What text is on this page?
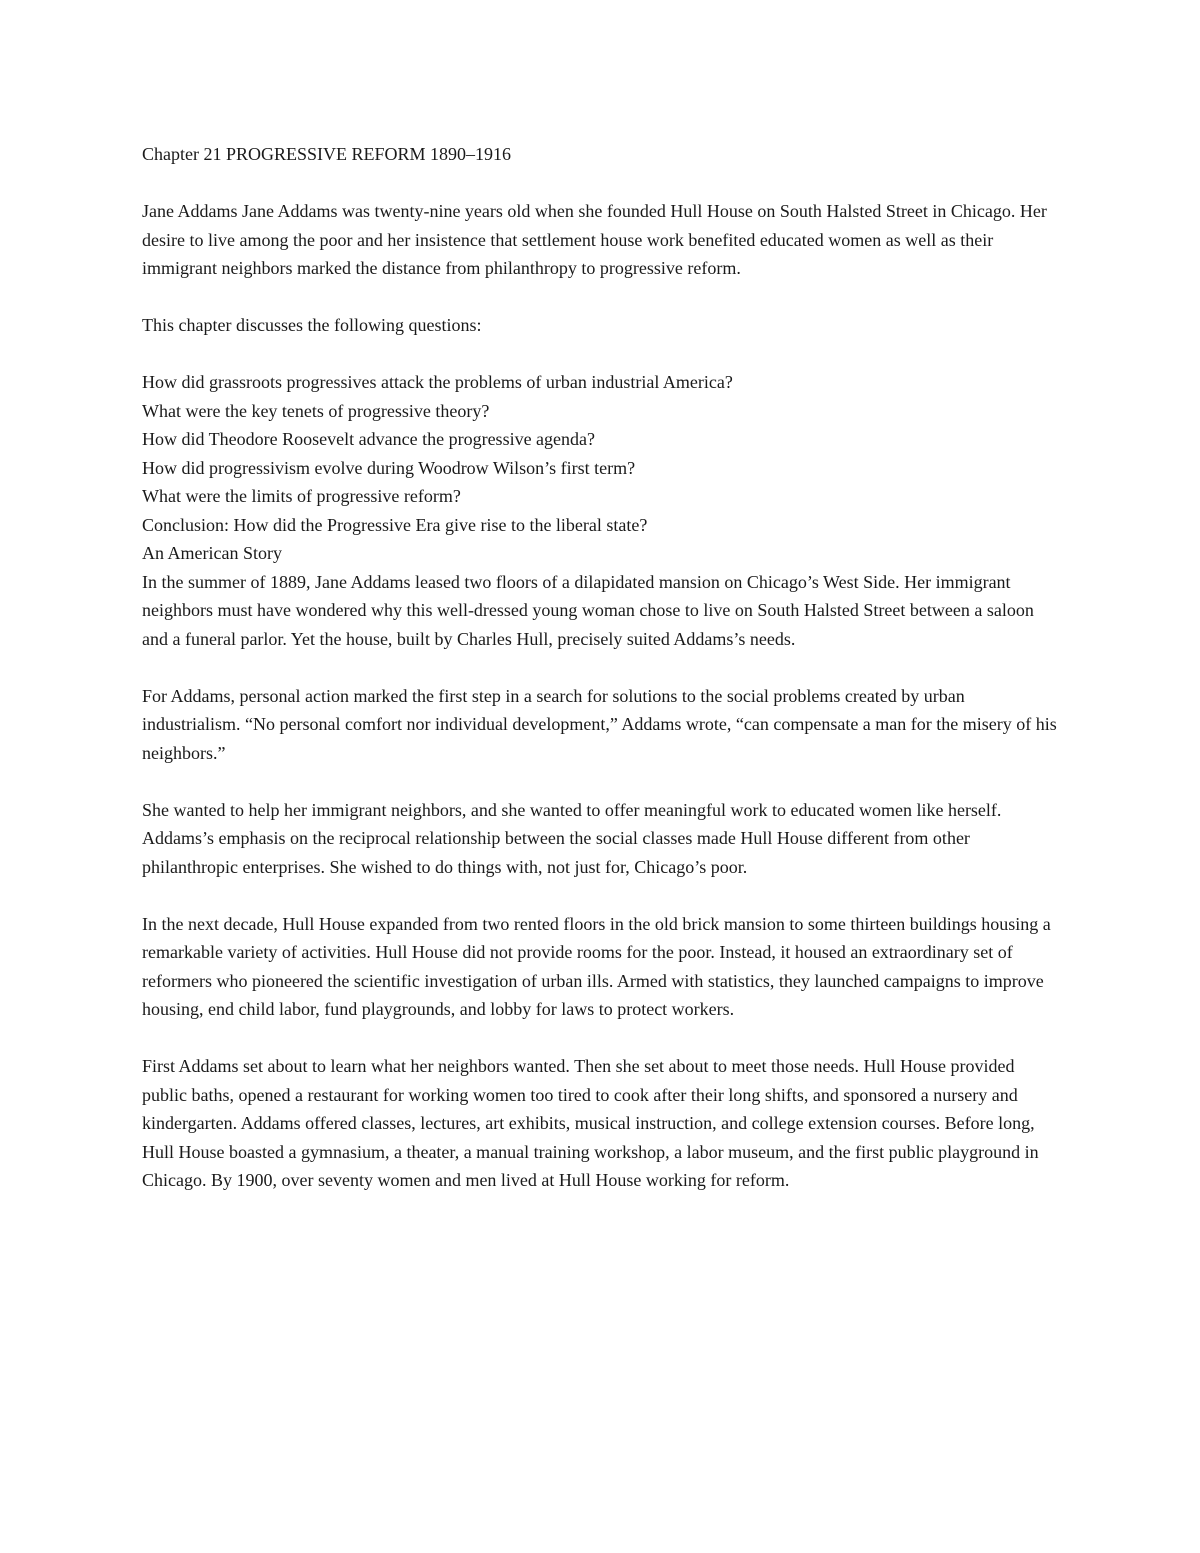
Chapter 21 PROGRESSIVE REFORM 1890–1916

Jane Addams Jane Addams was twenty-nine years old when she founded Hull House on South Halsted Street in Chicago. Her desire to live among the poor and her insistence that settlement house work benefited educated women as well as their immigrant neighbors marked the distance from philanthropy to progressive reform.

This chapter discusses the following questions:

How did grassroots progressives attack the problems of urban industrial America?
What were the key tenets of progressive theory?
How did Theodore Roosevelt advance the progressive agenda?
How did progressivism evolve during Woodrow Wilson’s first term?
What were the limits of progressive reform?
Conclusion: How did the Progressive Era give rise to the liberal state?
An American Story

In the summer of 1889, Jane Addams leased two floors of a dilapidated mansion on Chicago’s West Side. Her immigrant neighbors must have wondered why this well-dressed young woman chose to live on South Halsted Street between a saloon and a funeral parlor. Yet the house, built by Charles Hull, precisely suited Addams’s needs.

For Addams, personal action marked the first step in a search for solutions to the social problems created by urban industrialism. “No personal comfort nor individual development,” Addams wrote, “can compensate a man for the misery of his neighbors.”

She wanted to help her immigrant neighbors, and she wanted to offer meaningful work to educated women like herself. Addams’s emphasis on the reciprocal relationship between the social classes made Hull House different from other philanthropic enterprises. She wished to do things with, not just for, Chicago’s poor.

In the next decade, Hull House expanded from two rented floors in the old brick mansion to some thirteen buildings housing a remarkable variety of activities. Hull House did not provide rooms for the poor. Instead, it housed an extraordinary set of reformers who pioneered the scientific investigation of urban ills. Armed with statistics, they launched campaigns to improve housing, end child labor, fund playgrounds, and lobby for laws to protect workers.

First Addams set about to learn what her neighbors wanted. Then she set about to meet those needs. Hull House provided public baths, opened a restaurant for working women too tired to cook after their long shifts, and sponsored a nursery and kindergarten. Addams offered classes, lectures, art exhibits, musical instruction, and college extension courses. Before long, Hull House boasted a gymnasium, a theater, a manual training workshop, a labor museum, and the first public playground in Chicago. By 1900, over seventy women and men lived at Hull House working for reform.
